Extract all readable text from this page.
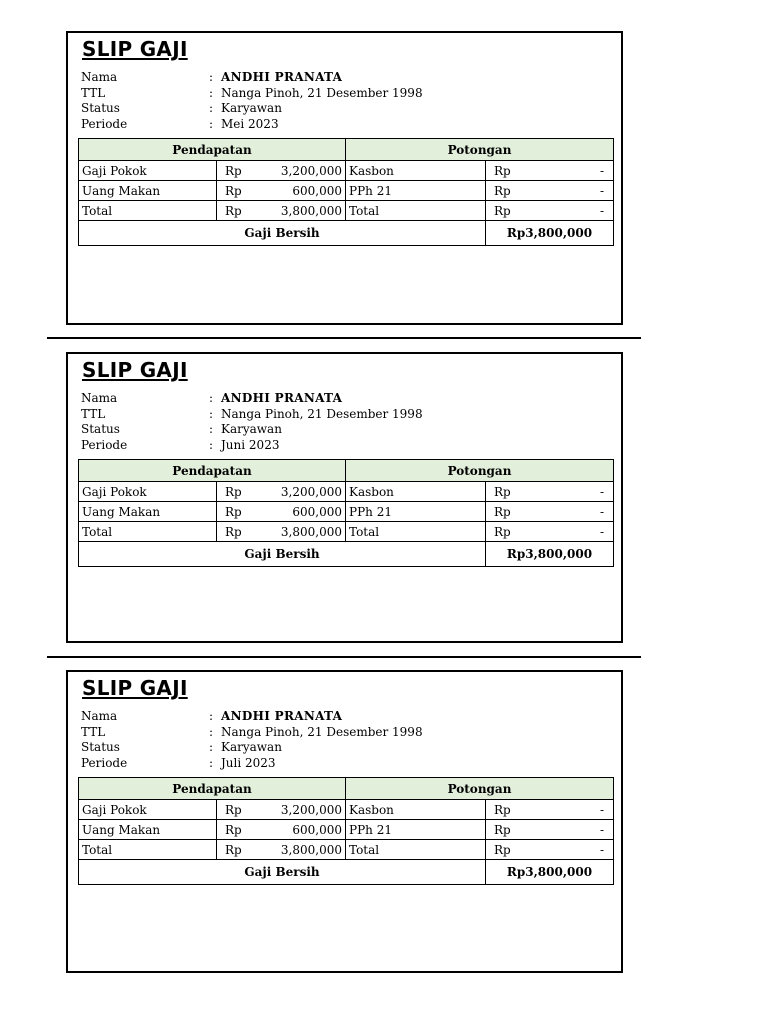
SLIP GAJI
Nama	: ANDHI PRANATA
TTL	: Nanga Pinoh, 21 Desember 1998
Status	: Karyawan
Periode	: Mei 2023
Pendapatan		Potongan	
Gaji Pokok	Rp 3,200,000	Kasbon	Rp -

Uang Makan	Rp 600,000	PPh 21	Rp -

Total	Rp 3,800,000	Total	Rp -

Gaji Bersih			Rp3,800,000
SLIP GAJI
Nama	: ANDHI PRANATA
TTL	: Nanga Pinoh, 21 Desember 1998
Status	: Karyawan
Periode	: Juni 2023
Pendapatan		Potongan	
Gaji Pokok	Rp 3,200,000	Kasbon	Rp -

Uang Makan	Rp 600,000	PPh 21	Rp -

Total	Rp 3,800,000	Total	Rp -

Gaji Bersih			Rp3,800,000
SLIP GAJI
Nama	: ANDHI PRANATA
TTL	: Nanga Pinoh, 21 Desember 1998
Status	: Karyawan
Periode	: Juli 2023
Pendapatan		Potongan	
Gaji Pokok	Rp 3,200,000	Kasbon	Rp -

Uang Makan	Rp 600,000	PPh 21	Rp -

Total	Rp 3,800,000	Total	Rp -

Gaji Bersih			Rp3,800,000
